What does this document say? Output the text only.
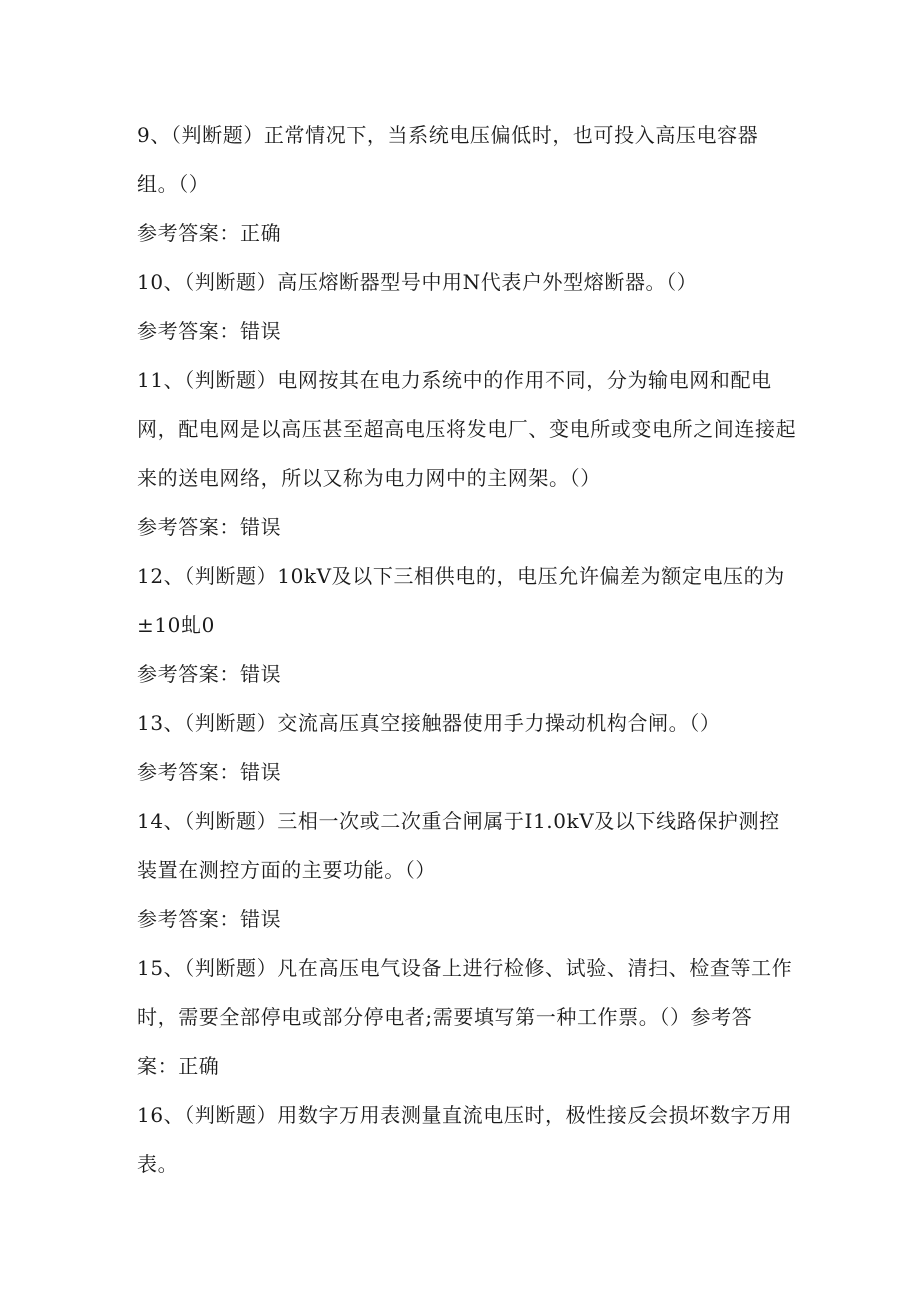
9、（判断题）正常情况下，当系统电压偏低时，也可投入高压电容器
组。（）
参考答案：正确
10、（判断题）高压熔断器型号中用N代表户外型熔断器。（）
参考答案：错误
11、（判断题）电网按其在电力系统中的作用不同，分为输电网和配电
网，配电网是以高压甚至超高电压将发电厂、变电所或变电所之间连接起
来的送电网络，所以又称为电力网中的主网架。（）
参考答案：错误
12、（判断题）10kV及以下三相供电的，电压允许偏差为额定电压的为
±10虬0
参考答案：错误
13、（判断题）交流高压真空接触器使用手力操动机构合闸。（）
参考答案：错误
14、（判断题）三相一次或二次重合闸属于I1.0kV及以下线路保护测控
装置在测控方面的主要功能。（）
参考答案：错误
15、（判断题）凡在高压电气设备上进行检修、试验、清扫、检查等工作
时，需要全部停电或部分停电者;需要填写第一种工作票。（）参考答
案：正确
16、（判断题）用数字万用表测量直流电压时，极性接反会损坏数字万用
表。
